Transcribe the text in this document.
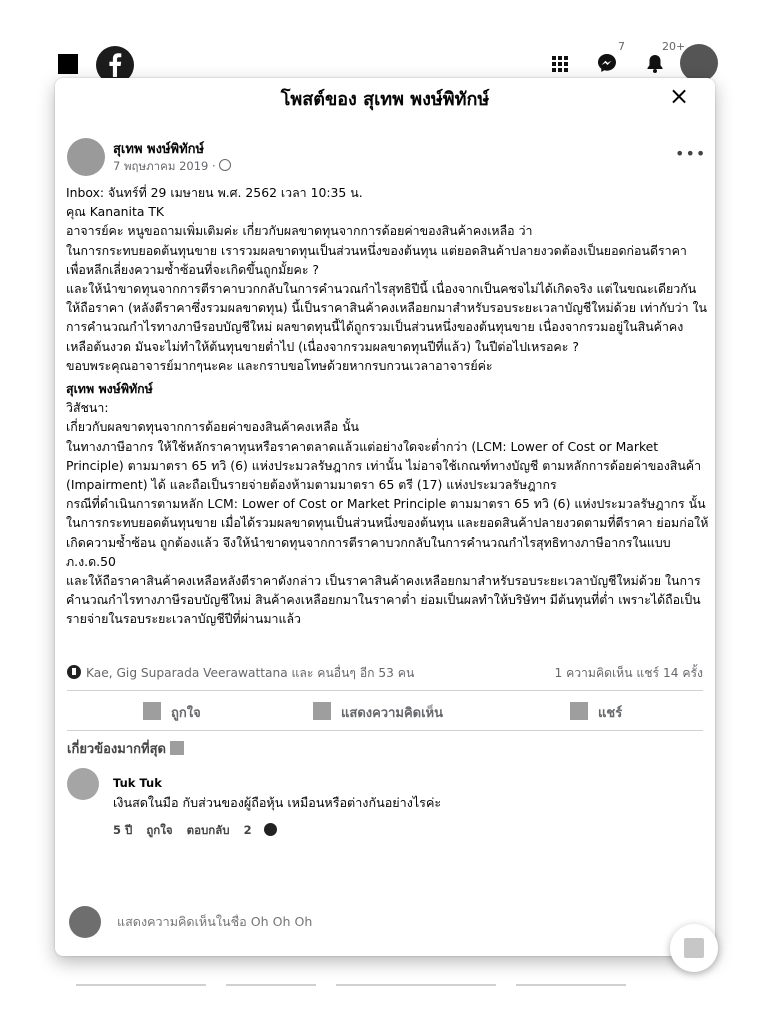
7	20+
โพสต์ของ สุเทพ พงษ์พิทักษ์	×
สุเทพ พงษ์พิทักษ์
7 พฤษภาคม 2019 ·
•••

Inbox: จันทร์ที่ 29 เมษายน พ.ศ. 2562 เวลา 10:35 น.
คุณ Kananita TK
อาจารย์คะ หนูขอถามเพิ่มเติมค่ะ เกี่ยวกับผลขาดทุนจากการด้อยค่าของสินค้าคงเหลือ ว่า
ในการกระทบยอดต้นทุนขาย เรารวมผลขาดทุนเป็นส่วนหนึ่งของต้นทุน แต่ยอดสินค้าปลายงวดต้องเป็นยอดก่อนดีราคา เพื่อหลีกเลี่ยงความซ้ำซ้อนที่จะเกิดขึ้นถูกมั้ยคะ ?
และให้นำขาดทุนจากการตีราคาบวกกลับในการคำนวณกำไรสุทธิปีนี้ เนื่องจากเป็นคชจไม่ได้เกิดจริง แต่ในขณะเดียวกันให้ถือราคา (หลังตีราคาซึ่งรวมผลขาดทุน) นี้เป็นราคาสินค้าคงเหลือยกมาสำหรับรอบระยะเวลาบัญชีใหม่ด้วย เท่ากับว่า ในการคำนวณกำไรทางภาษีรอบบัญชีใหม่ ผลขาดทุนนี้ได้ถูกรวมเป็นส่วนหนึ่งของต้นทุนขาย เนื่องจากรวมอยู่ในสินค้าคงเหลือต้นงวด มันจะไม่ทำให้ต้นทุนขายต่ำไป (เนื่องจากรวมผลขาดทุนปีที่แล้ว) ในปีต่อไปเหรอคะ ?
ขอบพระคุณอาจารย์มากๆนะคะ และกราบขอโทษด้วยหากรบกวนเวลาอาจารย์ค่ะ

สุเทพ พงษ์พิทักษ์

วิสัชนา:
เกี่ยวกับผลขาดทุนจากการด้อยค่าของสินค้าคงเหลือ นั้น
ในทางภาษีอากร ให้ใช้หลักราคาทุนหรือราคาตลาดแล้วแต่อย่างใดจะต่ำกว่า (LCM: Lower of Cost or Market Principle) ตามมาตรา 65 ทวิ (6) แห่งประมวลรัษฎากร เท่านั้น ไม่อาจใช้เกณฑ์ทางบัญชี ตามหลักการด้อยค่าของสินค้า (Impairment) ได้ และถือเป็นรายจ่ายต้องห้ามตามมาตรา 65 ตรี (17) แห่งประมวลรัษฎากร
กรณีที่ดำเนินการตามหลัก LCM: Lower of Cost or Market Principle ตามมาตรา 65 ทวิ (6) แห่งประมวลรัษฎากร นั้น ในการกระทบยอดต้นทุนขาย เมื่อได้รวมผลขาดทุนเป็นส่วนหนึ่งของต้นทุน และยอดสินค้าปลายงวดตามที่ตีราคา ย่อมก่อให้เกิดความซ้ำซ้อน ถูกต้องแล้ว จึงให้นำขาดทุนจากการตีราคาบวกกลับในการคำนวณกำไรสุทธิทางภาษีอากรในแบบ ภ.ง.ด.50
และให้ถือราคาสินค้าคงเหลือหลังตีราคาดังกล่าว เป็นราคาสินค้าคงเหลือยกมาสำหรับรอบระยะเวลาบัญชีใหม่ด้วย ในการคำนวณกำไรทางภาษีรอบบัญชีใหม่ สินค้าคงเหลือยกมาในราคาต่ำ ย่อมเป็นผลทำให้บริษัทฯ มีต้นทุนที่ต่ำ เพราะได้ถือเป็นรายจ่ายในรอบระยะเวลาบัญชีปีที่ผ่านมาแล้ว

Kae, Gig Suparada Veerawattana และ คนอื่นๆ อีก 53 คน	1 ความคิดเห็น แชร์ 14 ครั้ง
ถูกใจ	แสดงความคิดเห็น	แชร์
เกี่ยวข้องมากที่สุด
Tuk Tuk
เงินสดในมือ กับส่วนของผู้ถือหุ้น เหมือนหรือต่างกันอย่างไรค่ะ
5 ปี ถูกใจ ตอบกลับ 2
แสดงความคิดเห็นในชื่อ Oh Oh Oh
